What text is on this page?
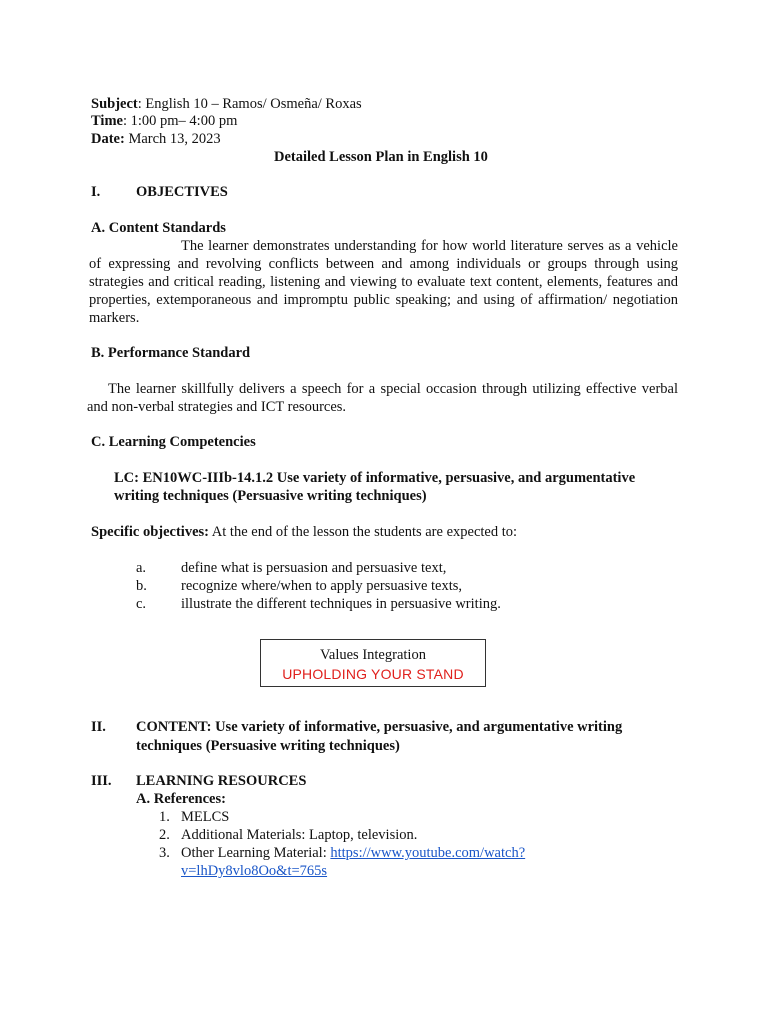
Subject: English 10 – Ramos/ Osmeña/ Roxas
Time: 1:00 pm– 4:00 pm
Date: March 13, 2023
Detailed Lesson Plan in English 10
I. OBJECTIVES
A. Content Standards
The learner demonstrates understanding for how world literature serves as a vehicle of expressing and revolving conflicts between and among individuals or groups through using strategies and critical reading, listening and viewing to evaluate text content, elements, features and properties, extemporaneous and impromptu public speaking; and using of affirmation/ negotiation markers.
B. Performance Standard
The learner skillfully delivers a speech for a special occasion through utilizing effective verbal and non-verbal strategies and ICT resources.
C. Learning Competencies
LC: EN10WC-IIIb-14.1.2 Use variety of informative, persuasive, and argumentative
writing techniques (Persuasive writing techniques)
Specific objectives: At the end of the lesson the students are expected to:
a. define what is persuasion and persuasive text,
b. recognize where/when to apply persuasive texts,
c. illustrate the different techniques in persuasive writing.
Values Integration
UPHOLDING YOUR STAND
II. CONTENT: Use variety of informative, persuasive, and argumentative writing
techniques (Persuasive writing techniques)
III. LEARNING RESOURCES
A. References:
1. MELCS
2. Additional Materials: Laptop, television.
3. Other Learning Material: https://www.youtube.com/watch?
v=lhDy8vlo8Oo&t=765s
